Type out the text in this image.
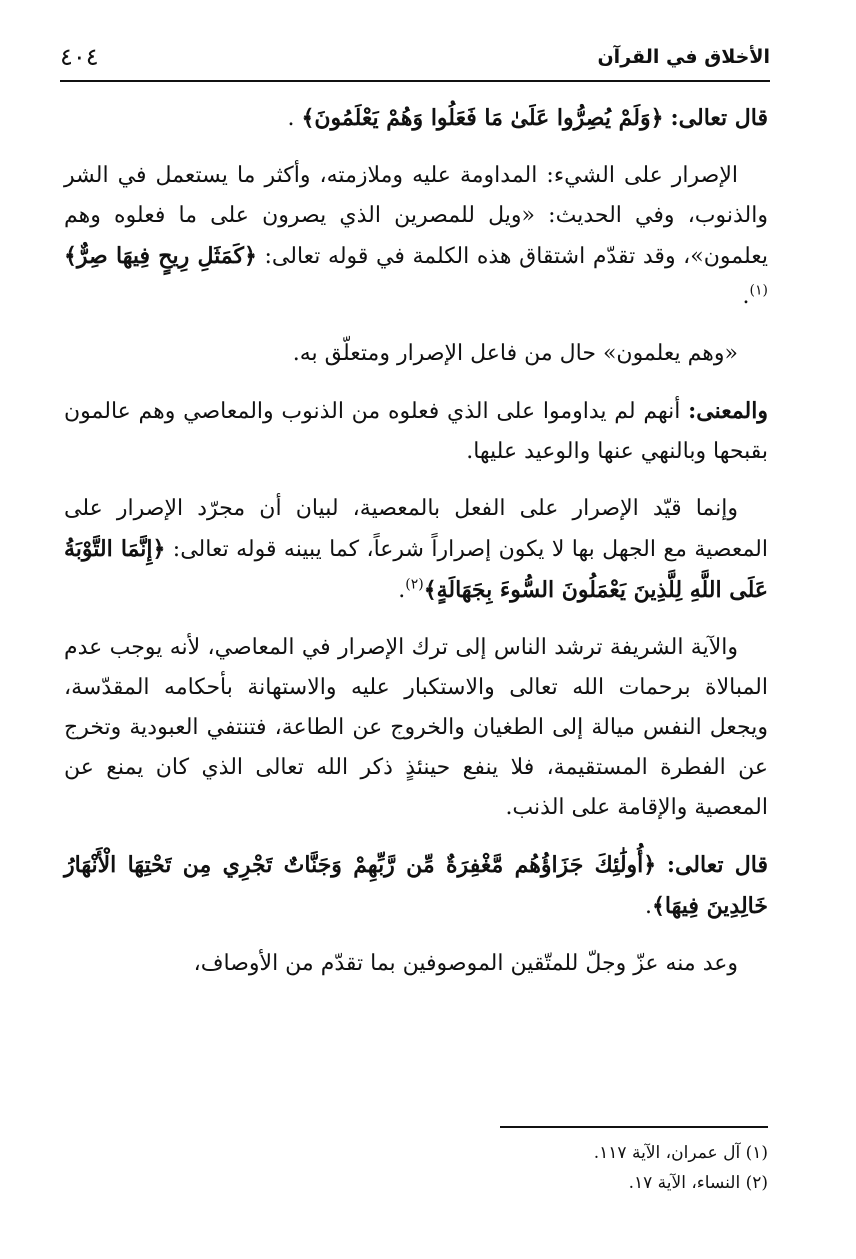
الأخلاق في القرآن
٤٠٤

قال تعالى: ﴿وَلَمْ يُصِرُّوا عَلَىٰ مَا فَعَلُوا وَهُمْ يَعْلَمُونَ﴾ .

الإصرار على الشيء: المداومة عليه وملازمته، وأكثر ما يستعمل في الشر والذنوب، وفي الحديث: «ويل للمصرين الذي يصرون على ما فعلوه وهم يعلمون»، وقد تقدّم اشتقاق هذه الكلمة في قوله تعالى: ﴿كَمَثَلِ رِيحٍ فِيهَا صِرٌّ﴾$^{(١)}$.

«وهم يعلمون» حال من فاعل الإصرار ومتعلّق به.

والمعنى: أنهم لم يداوموا على الذي فعلوه من الذنوب والمعاصي وهم عالمون بقبحها وبالنهي عنها والوعيد عليها.

وإنما قيّد الإصرار على الفعل بالمعصية، لبيان أن مجرّد الإصرار على المعصية مع الجهل بها لا يكون إصراراً شرعاً، كما يبينه قوله تعالى: ﴿إِنَّمَا التَّوْبَةُ عَلَى اللَّهِ لِلَّذِينَ يَعْمَلُونَ السُّوءَ بِجَهَالَةٍ﴾$^{(٢)}$.

والآية الشريفة ترشد الناس إلى ترك الإصرار في المعاصي، لأنه يوجب عدم المبالاة برحمات الله تعالى والاستكبار عليه والاستهانة بأحكامه المقدّسة، ويجعل النفس ميالة إلى الطغيان والخروج عن الطاعة، فتنتفي العبودية وتخرج عن الفطرة المستقيمة، فلا ينفع حينئذٍ ذكر الله تعالى الذي كان يمنع عن المعصية والإقامة على الذنب.

قال تعالى: ﴿أُولَٰئِكَ جَزَاؤُهُم مَّغْفِرَةٌ مِّن رَّبِّهِمْ وَجَنَّاتٌ تَجْرِي مِن تَحْتِهَا الْأَنْهَارُ خَالِدِينَ فِيهَا﴾.

وعد منه عزّ وجلّ للمتّقين الموصوفين بما تقدّم من الأوصاف،

(١) آل عمران، الآية ١١٧.

(٢) النساء، الآية ١٧.
